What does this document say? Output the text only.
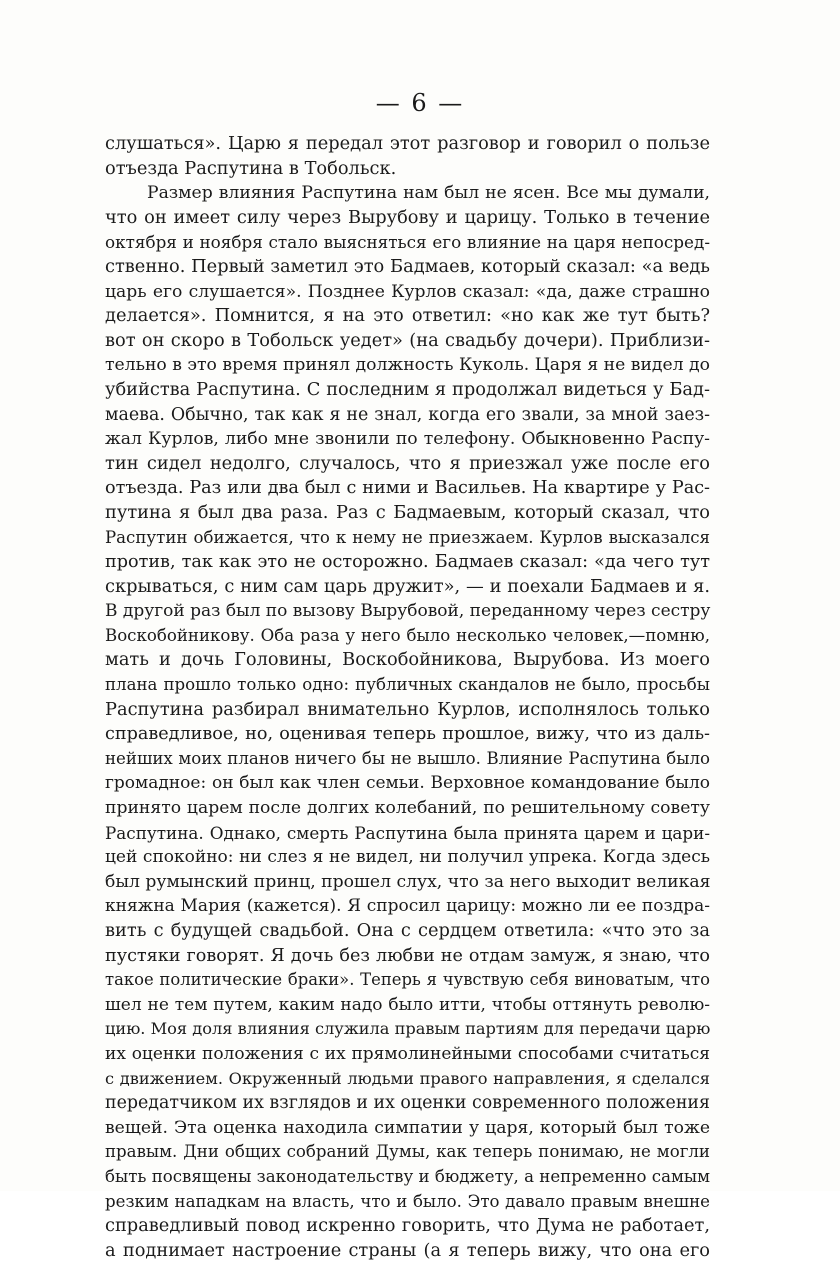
— 6 —
слушаться». Царю я передал этот разговор и говорил о пользе
отъезда Распутина в Тобольск.
Размер влияния Распутина нам был не ясен. Все мы думали,
что он имеет силу через Вырубову и царицу. Только в течение
октября и ноября стало выясняться его влияние на царя непосред-
ственно. Первый заметил это Бадмаев, который сказал: «а ведь
царь его слушается». Позднее Курлов сказал: «да, даже страшно
делается». Помнится, я на это ответил: «но как же тут быть?
вот он скоро в Тобольск уедет» (на свадьбу дочери). Приблизи-
тельно в это время принял должность Куколь. Царя я не видел до
убийства Распутина. С последним я продолжал видеться у Бад-
маева. Обычно, так как я не знал, когда его звали, за мной заез-
жал Курлов, либо мне звонили по телефону. Обыкновенно Распу-
тин сидел недолго, случалось, что я приезжал уже после его
отъезда. Раз или два был с ними и Васильев. На квартире у Рас-
путина я был два раза. Раз с Бадмаевым, который сказал, что
Распутин обижается, что к нему не приезжаем. Курлов высказался
против, так как это не осторожно. Бадмаев сказал: «да чего тут
скрываться, с ним сам царь дружит», — и поехали Бадмаев и я.
В другой раз был по вызову Вырубовой, переданному через сестру
Воскобойникову. Оба раза у него было несколько человек,—помню,
мать и дочь Головины, Воскобойникова, Вырубова. Из моего
плана прошло только одно: публичных скандалов не было, просьбы
Распутина разбирал внимательно Курлов, исполнялось только
справедливое, но, оценивая теперь прошлое, вижу, что из даль-
нейших моих планов ничего бы не вышло. Влияние Распутина было
громадное: он был как член семьи. Верховное командование было
принято царем после долгих колебаний, по решительному совету
Распутина. Однако, смерть Распутина была принята царем и цари-
цей спокойно: ни слез я не видел, ни получил упрека. Когда здесь
был румынский принц, прошел слух, что за него выходит великая
княжна Мария (кажется). Я спросил царицу: можно ли ее поздра-
вить с будущей свадьбой. Она с сердцем ответила: «что это за
пустяки говорят. Я дочь без любви не отдам замуж, я знаю, что
такое политические браки». Теперь я чувствую себя виноватым, что
шел не тем путем, каким надо было итти, чтобы оттянуть револю-
цию. Моя доля влияния служила правым партиям для передачи царю
их оценки положения с их прямолинейными способами считаться
с движением. Окруженный людьми правого направления, я сделался
передатчиком их взглядов и их оценки современного положения
вещей. Эта оценка находила симпатии у царя, который был тоже
правым. Дни общих собраний Думы, как теперь понимаю, не могли
быть посвящены законодательству и бюджету, а непременно самым
резким нападкам на власть, что и было. Это давало правым внешне
справедливый повод искренно говорить, что Дума не работает,
а поднимает настроение страны (а я теперь вижу, что она его
